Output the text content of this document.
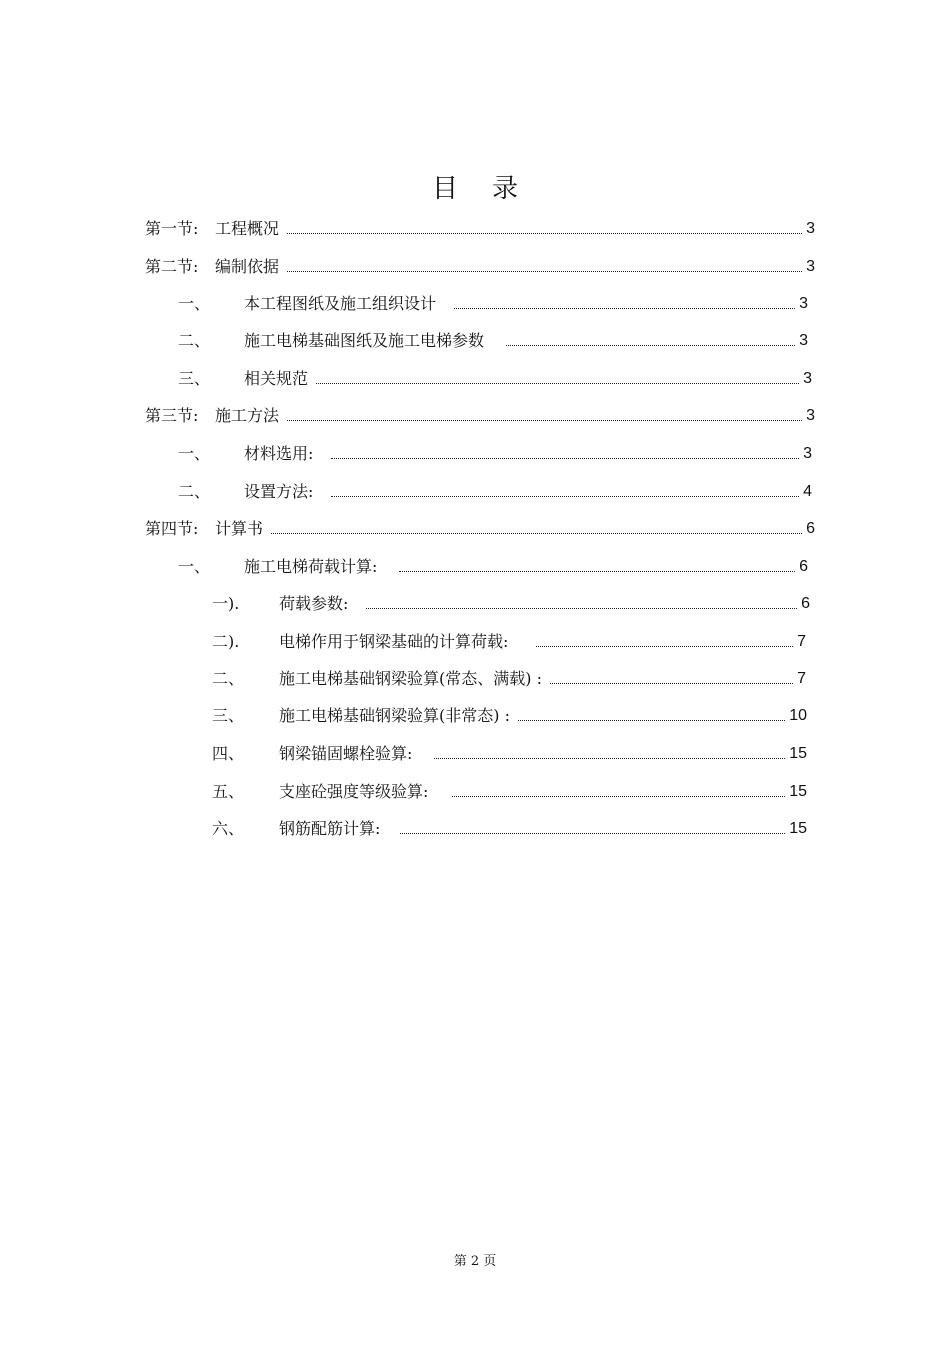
目 录
第一节:	工程概况	3
第二节:	编制依据	3
一、	本工程图纸及施工组织设计	3
二、	施工电梯基础图纸及施工电梯参数	3
三、	相关规范	3
第三节:	施工方法	3
一、	材料选用:	3
二、	设置方法:	4
第四节:	计算书	6
一、	施工电梯荷载计算:	6
一).	荷载参数:	6
二).	电梯作用于钢梁基础的计算荷载:	7
二、	施工电梯基础钢梁验算(常态、满载) :	7
三、	施工电梯基础钢梁验算(非常态) :	10
四、	钢梁锚固螺栓验算:	15
五、	支座砼强度等级验算:	15
六、	钢筋配筋计算:	15
第 2 页
